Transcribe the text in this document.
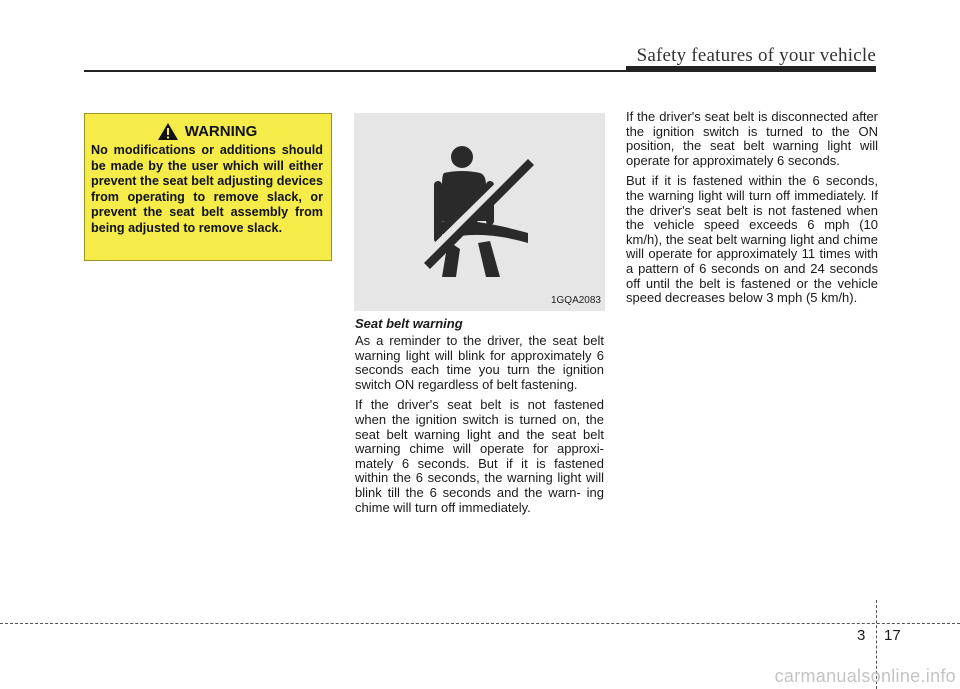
Safety features of your vehicle
WARNING
No modifications or additions should be made by the user which will either prevent the seat belt adjusting devices from operating to remove slack, or prevent the seat belt assembly from being adjusted to remove slack.
1GQA2083
Seat belt warning

As a reminder to the driver, the seat belt warning light will blink for approximately 6 seconds each time you turn the ignition switch ON regardless of belt fastening.

If the driver's seat belt is not fastened when the ignition switch is turned on, the seat belt warning light and the seat belt warning chime will operate for approxi- mately 6 seconds. But if it is fastened within the 6 seconds, the warning light will blink till the 6 seconds and the warn- ing chime will turn off immediately.

If the driver's seat belt is disconnected after the ignition switch is turned to the ON position, the seat belt warning light will operate for approximately 6 seconds.

But if it is fastened within the 6 seconds, the warning light will turn off immediately. If the driver's seat belt is not fastened when the vehicle speed exceeds 6 mph (10 km/h), the seat belt warning light and chime will operate for approximately 11 times with a pattern of 6 seconds on and 24 seconds off until the belt is fastened or the vehicle speed decreases below 3 mph (5 km/h).

3 17
carmanualsonline.info
